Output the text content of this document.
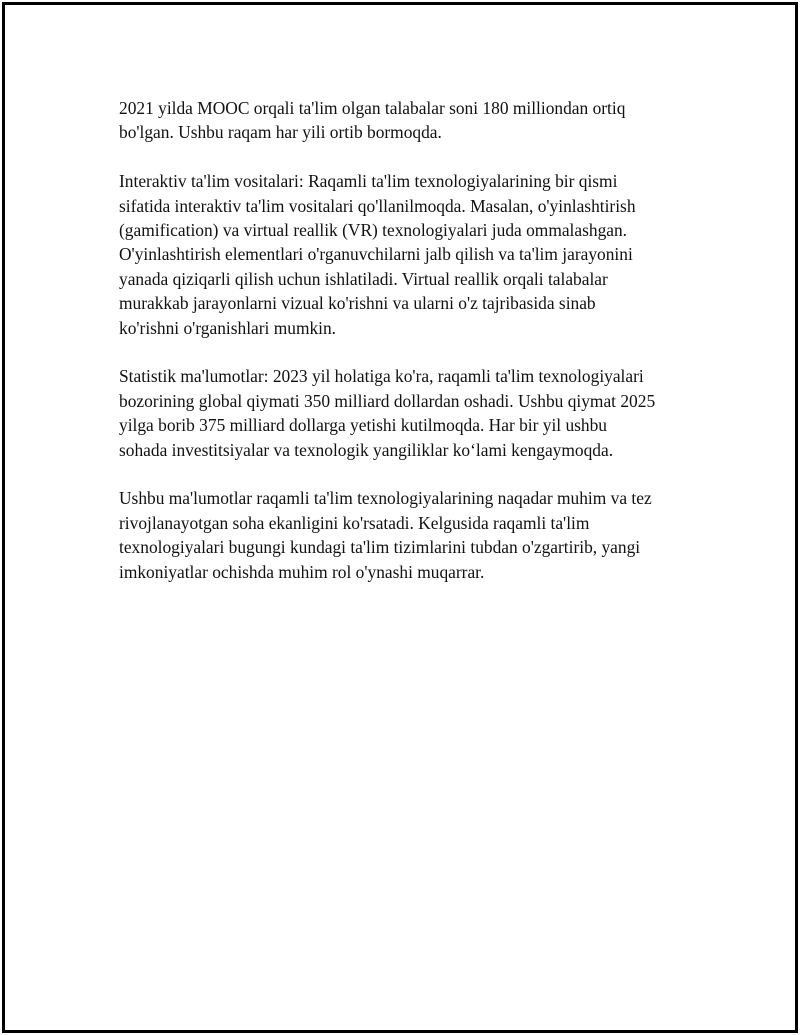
2021 yilda MOOC orqali ta'lim olgan talabalar soni 180 milliondan ortiq
bo'lgan. Ushbu raqam har yili ortib bormoqda.

Interaktiv ta'lim vositalari: Raqamli ta'lim texnologiyalarining bir qismi
sifatida interaktiv ta'lim vositalari qo'llanilmoqda. Masalan, o'yinlashtirish
(gamification) va virtual reallik (VR) texnologiyalari juda ommalashgan.
O'yinlashtirish elementlari o'rganuvchilarni jalb qilish va ta'lim jarayonini
yanada qiziqarli qilish uchun ishlatiladi. Virtual reallik orqali talabalar
murakkab jarayonlarni vizual ko'rishni va ularni o'z tajribasida sinab
ko'rishni o'rganishlari mumkin.

Statistik ma'lumotlar: 2023 yil holatiga ko'ra, raqamli ta'lim texnologiyalari
bozorining global qiymati 350 milliard dollardan oshadi. Ushbu qiymat 2025
yilga borib 375 milliard dollarga yetishi kutilmoqda. Har bir yil ushbu
sohada investitsiyalar va texnologik yangiliklar ko‘lami kengaymoqda.

Ushbu ma'lumotlar raqamli ta'lim texnologiyalarining naqadar muhim va tez
rivojlanayotgan soha ekanligini ko'rsatadi. Kelgusida raqamli ta'lim
texnologiyalari bugungi kundagi ta'lim tizimlarini tubdan o'zgartirib, yangi
imkoniyatlar ochishda muhim rol o'ynashi muqarrar.
